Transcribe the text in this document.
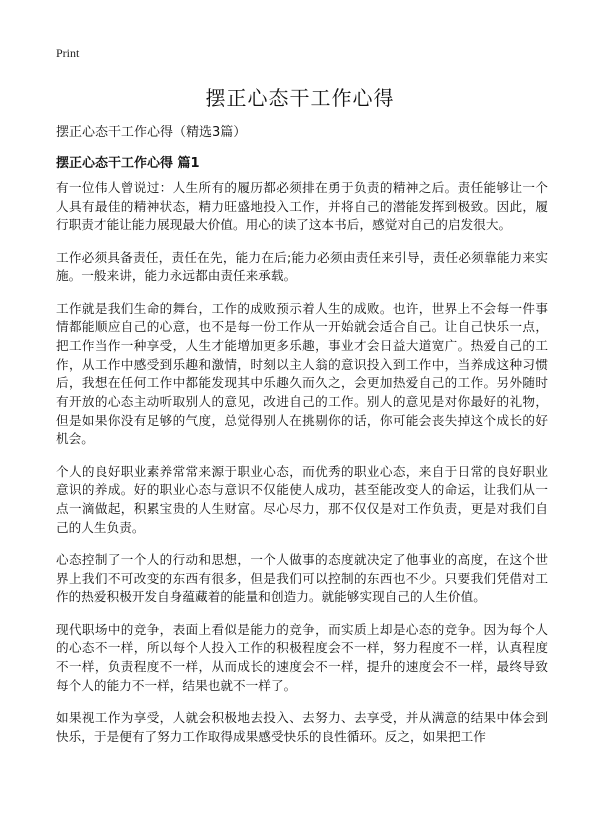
Print
摆正心态干工作心得
摆正心态干工作心得（精选3篇）
摆正心态干工作心得 篇1

有一位伟人曾说过：人生所有的履历都必须排在勇于负责的精神之后。责任能够让一个人具有最佳的精神状态，精力旺盛地投入工作，并将自己的潜能发挥到极致。因此，履行职责才能让能力展现最大价值。用心的读了这本书后，感觉对自己的启发很大。

工作必须具备责任，责任在先，能力在后;能力必须由责任来引导，责任必须靠能力来实施。一般来讲，能力永远都由责任来承载。

工作就是我们生命的舞台，工作的成败预示着人生的成败。也许，世界上不会每一件事情都能顺应自己的心意，也不是每一份工作从一开始就会适合自己。让自己快乐一点，把工作当作一种享受，人生才能增加更多乐趣，事业才会日益大道宽广。热爱自己的工作，从工作中感受到乐趣和激情，时刻以主人翁的意识投入到工作中，当养成这种习惯后，我想在任何工作中都能发现其中乐趣久而久之，会更加热爱自己的工作。另外随时有开放的心态主动听取别人的意见，改进自己的工作。别人的意见是对你最好的礼物，但是如果你没有足够的气度，总觉得别人在挑剔你的话，你可能会丧失掉这个成长的好机会。

个人的良好职业素养常常来源于职业心态，而优秀的职业心态，来自于日常的良好职业意识的养成。好的职业心态与意识不仅能使人成功，甚至能改变人的命运，让我们从一点一滴做起，积累宝贵的人生财富。尽心尽力，那不仅仅是对工作负责，更是对我们自己的人生负责。

心态控制了一个人的行动和思想，一个人做事的态度就决定了他事业的高度，在这个世界上我们不可改变的东西有很多，但是我们可以控制的东西也不少。只要我们凭借对工作的热爱积极开发自身蕴藏着的能量和创造力。就能够实现自己的人生价值。

现代职场中的竞争，表面上看似是能力的竞争，而实质上却是心态的竞争。因为每个人的心态不一样，所以每个人投入工作的积极程度会不一样，努力程度不一样，认真程度不一样，负责程度不一样，从而成长的速度会不一样，提升的速度会不一样，最终导致每个人的能力不一样，结果也就不一样了。

如果视工作为享受，人就会积极地去投入、去努力、去享受，并从满意的结果中体会到快乐，于是便有了努力工作取得成果感受快乐的良性循环。反之，如果把工作
